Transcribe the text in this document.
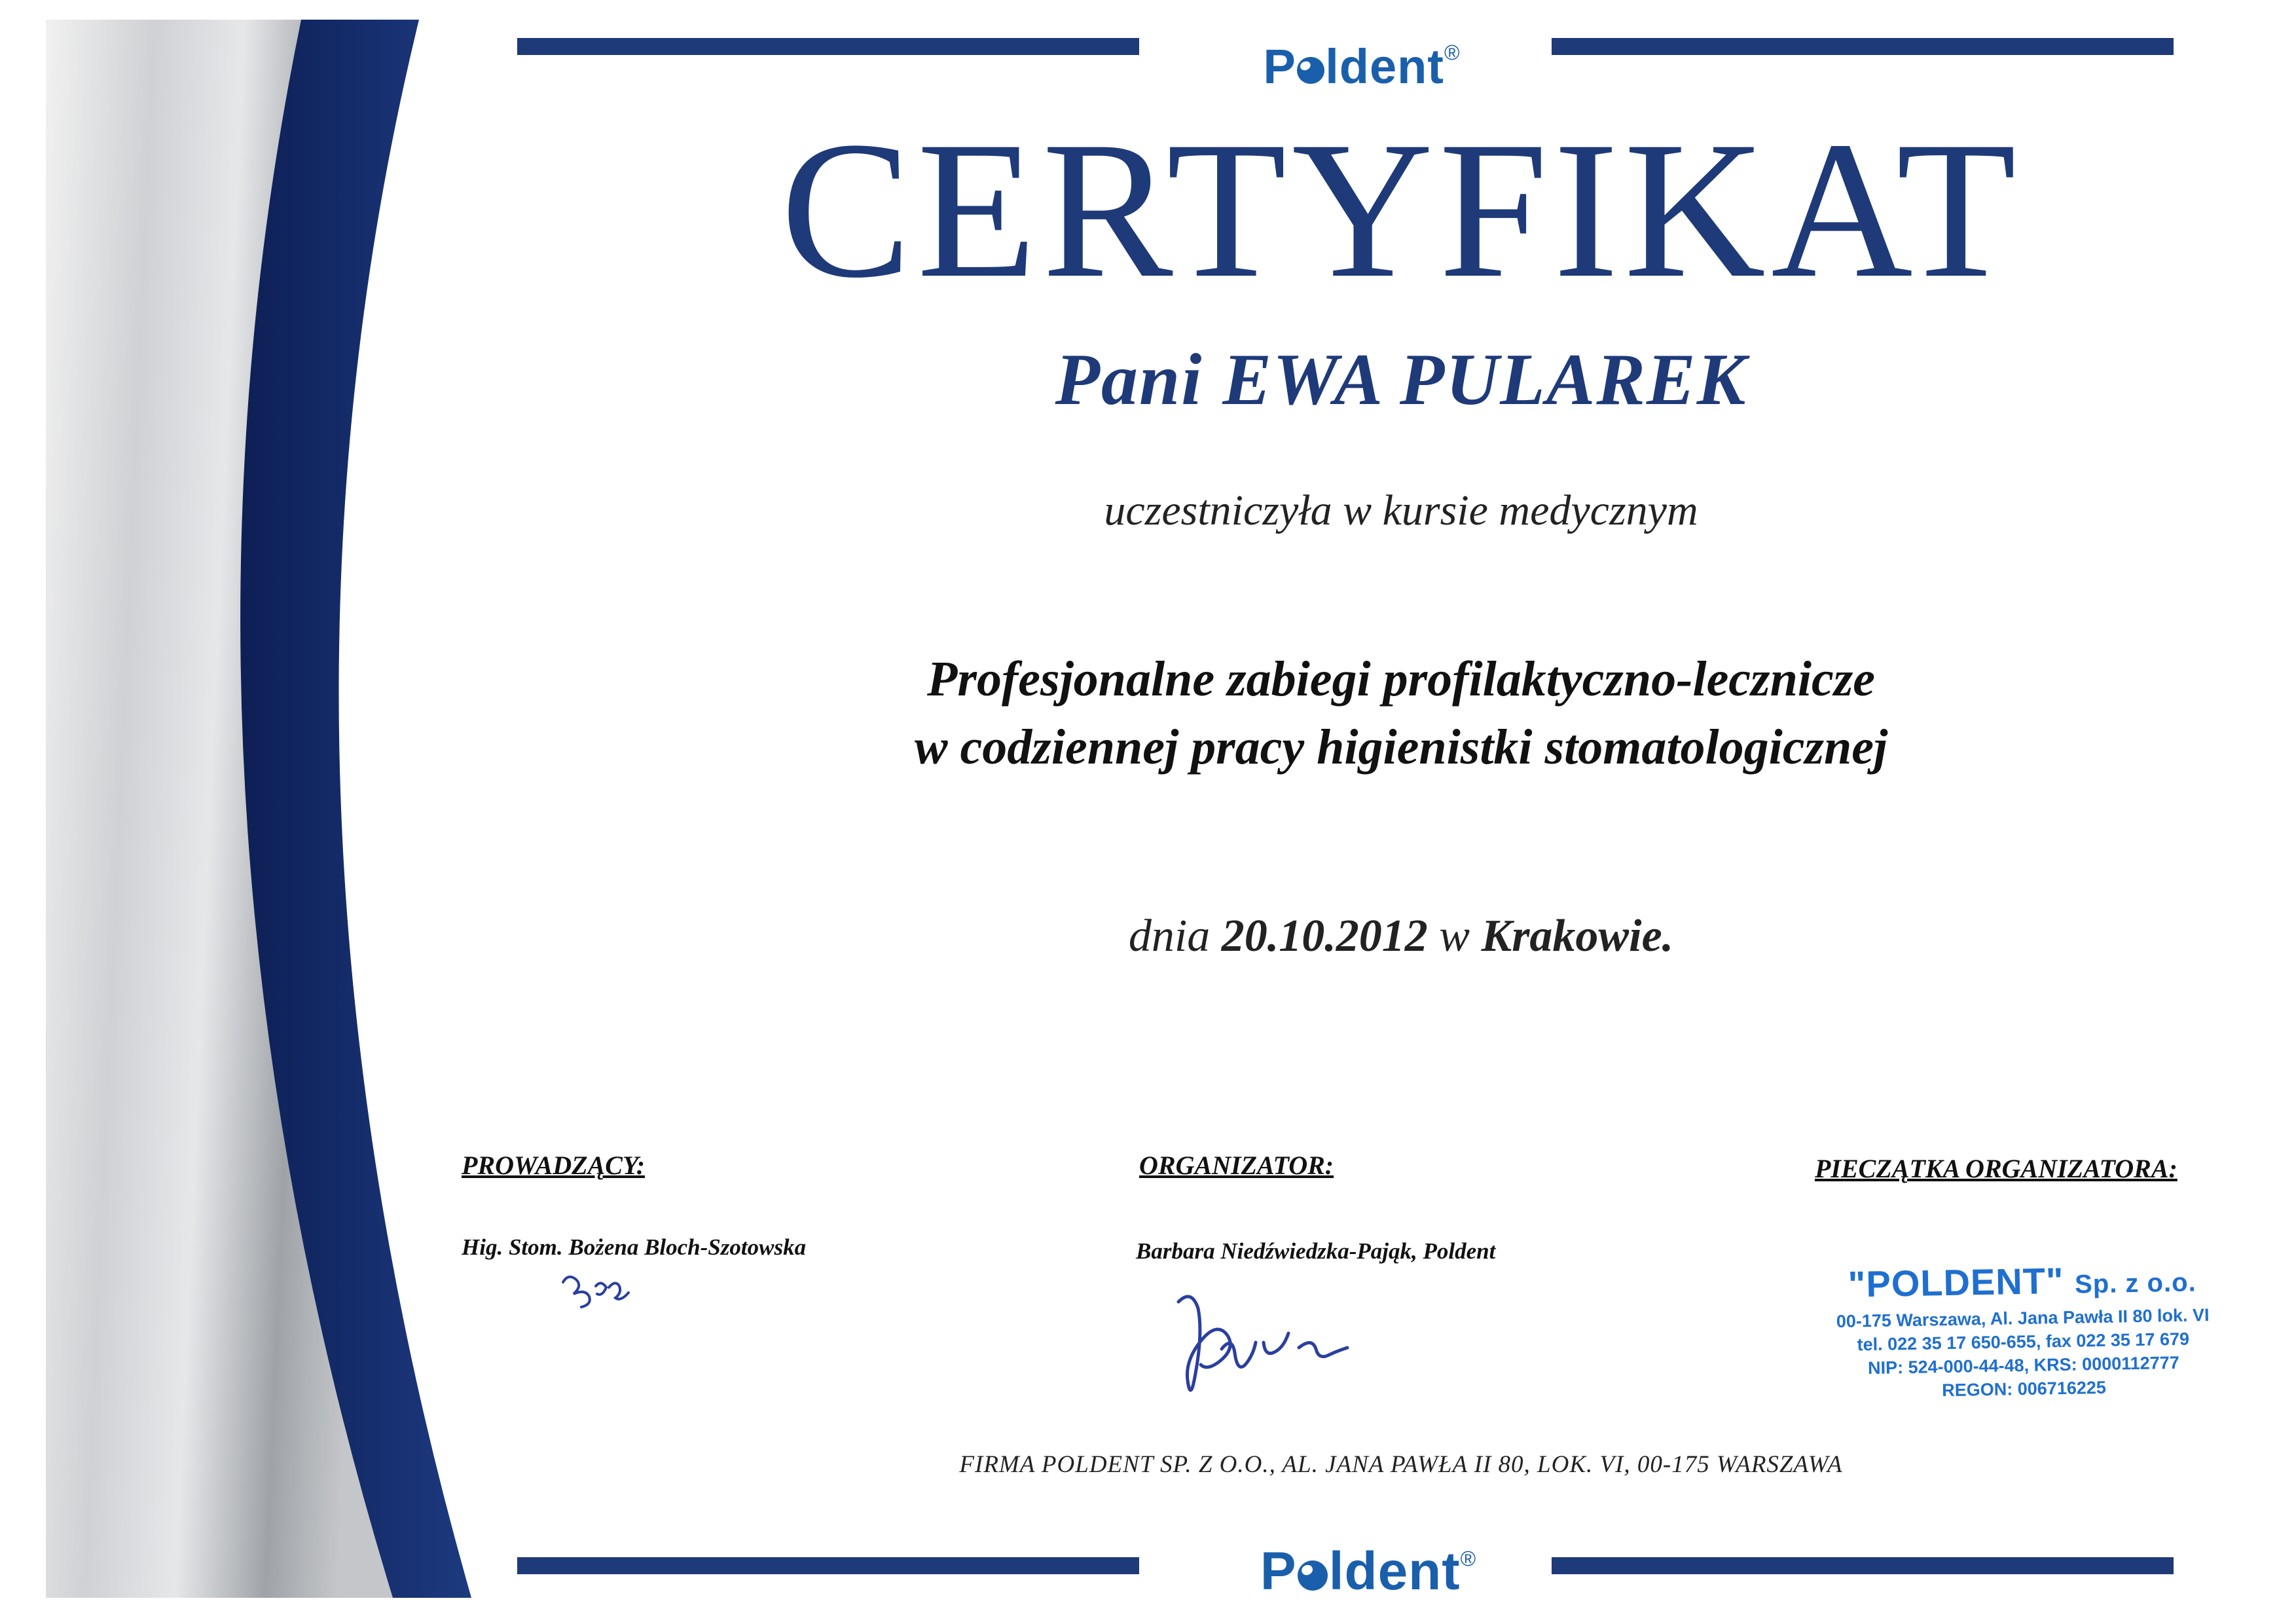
P ldent®
CERTYFIKAT
Pani EWA PULAREK
uczestniczyła w kursie medycznym
Profesjonalne zabiegi profilaktyczno-lecznicze
w codziennej pracy higienistki stomatologicznej
dnia 20.10.2012 w Krakowie.
PROWADZĄCY:
Hig. Stom. Bożena Bloch-Szotowska
ORGANIZATOR:
Barbara Niedźwiedzka-Pająk, Poldent
PIECZĄTKA ORGANIZATORA:
"POLDENT" Sp. z o.o.
00-175 Warszawa, Al. Jana Pawła II 80 lok. VI
tel. 022 35 17 650-655, fax 022 35 17 679
NIP: 524-000-44-48, KRS: 0000112777
REGON: 006716225
FIRMA POLDENT SP. Z O.O., AL. JANA PAWŁA II 80, LOK. VI, 00-175 WARSZAWA
P ldent®
